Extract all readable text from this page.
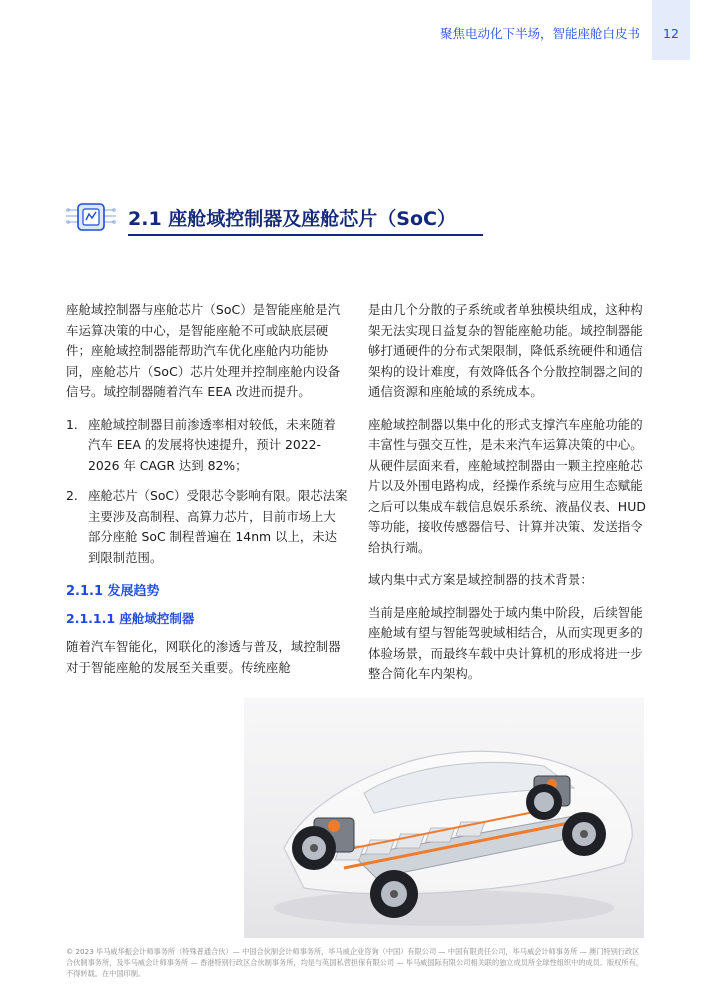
聚焦电动化下半场，智能座舱白皮书	12
2.1 座舱域控制器及座舱芯片（SoC）

座舱域控制器与座舱芯片（SoC）是智能座舱是汽车运算决策的中心，是智能座舱不可或缺底层硬件；座舱域控制器能帮助汽车优化座舱内功能协同，座舱芯片（SoC）芯片处理并控制座舱内设备信号。域控制器随着汽车 EEA 改进而提升。

1. 座舱域控制器目前渗透率相对较低，未来随着汽车 EEA 的发展将快速提升，预计 2022-2026 年 CAGR 达到 82%；
2. 座舱芯片（SoC）受限芯令影响有限。限芯法案主要涉及高制程、高算力芯片，目前市场上大部分座舱 SoC 制程普遍在 14nm 以上，未达到限制范围。
2.1.1 发展趋势
2.1.1.1 座舱域控制器

随着汽车智能化，网联化的渗透与普及，域控制器对于智能座舱的发展至关重要。传统座舱

是由几个分散的子系统或者单独模块组成，这种构架无法实现日益复杂的智能座舱功能。域控制器能够打通硬件的分布式架限制，降低系统硬件和通信架构的设计难度，有效降低各个分散控制器之间的通信资源和座舱域的系统成本。

座舱域控制器以集中化的形式支撑汽车座舱功能的丰富性与强交互性，是未来汽车运算决策的中心。从硬件层面来看，座舱域控制器由一颗主控座舱芯片以及外围电路构成，经操作系统与应用生态赋能之后可以集成车载信息娱乐系统、液晶仪表、HUD 等功能，接收传感器信号、计算并决策、发送指令给执行端。

域内集中式方案是域控制器的技术背景：

当前是座舱域控制器处于域内集中阶段，后续智能座舱域有望与智能驾驶域相结合，从而实现更多的体验场景，而最终车载中央计算机的形成将进一步整合简化车内架构。

© 2023 毕马威华振会计师事务所（特殊普通合伙）— 中国合伙制会计师事务所，毕马威企业咨询（中国）有限公司 — 中国有限责任公司，毕马威会计师事务所 — 澳门特别行政区合伙制事务所，及毕马威会计师事务所 — 香港特别行政区合伙制事务所，均是与英国私营担保有限公司 — 毕马威国际有限公司相关联的独立成员所全球性组织中的成员。版权所有，不得转载。在中国印制。
